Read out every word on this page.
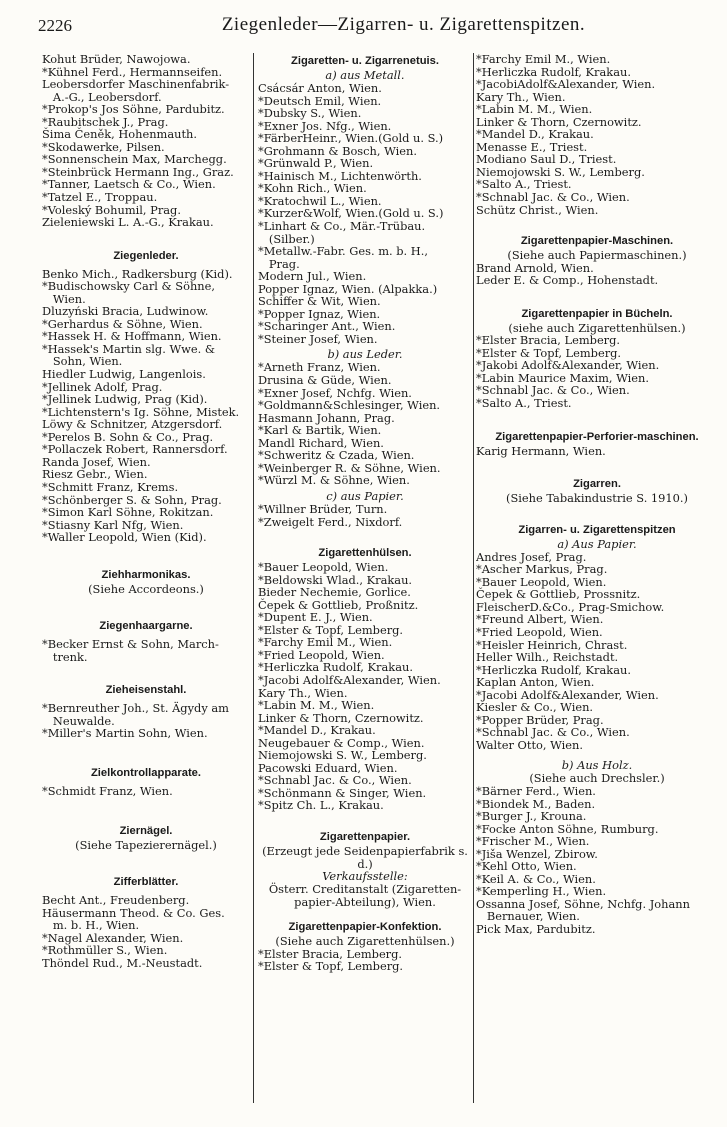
2226	Ziegenleder—Zigarren- u. Zigarettenspitzen.
Kohut Brüder, Nawojowa.
*Kühnel Ferd., Hermannseifen.
Leobersdorfer Maschinenfabrik-
A.-G., Leobersdorf.
*Prokop's Jos Söhne, Pardubitz.
*Raubitschek J., Prag.
Šima Čeněk, Hohenmauth.
*Skodawerke, Pilsen.
*Sonnenschein Max, Marchegg.
*Steinbrück Hermann Ing., Graz.
*Tanner, Laetsch & Co., Wien.
*Tatzel E., Troppau.
*Voleský Bohumil, Prag.
Zieleniewski L. A.-G., Krakau.
Ziegenleder.
Benko Mich., Radkersburg (Kid).
*Budischowsky Carl & Söhne,
Wien.
Dluzyński Bracia, Ludwinow.
*Gerhardus & Söhne, Wien.
*Hassek H. & Hoffmann, Wien.
*Hassek's Martin slg. Wwe. &
Sohn, Wien.
Hiedler Ludwig, Langenlois.
*Jellinek Adolf, Prag.
*Jellinek Ludwig, Prag (Kid).
*Lichtenstern's Ig. Söhne, Mistek.
Löwy & Schnitzer, Atzgersdorf.
*Perelos B. Sohn & Co., Prag.
*Pollaczek Robert, Rannersdorf.
Randa Josef, Wien.
Riesz Gebr., Wien.
*Schmitt Franz, Krems.
*Schönberger S. & Sohn, Prag.
*Simon Karl Söhne, Rokitzan.
*Stiasny Karl Nfg, Wien.
*Waller Leopold, Wien (Kid).
Ziehharmonikas.
(Siehe Accordeons.)
Ziegenhaargarne.
*Becker Ernst & Sohn, March-
trenk.
Zieheisenstahl.
*Bernreuther Joh., St. Ägydy am
Neuwalde.
*Miller's Martin Sohn, Wien.
Zielkontrollapparate.
*Schmidt Franz, Wien.
Ziernägel.
(Siehe Tapezierernägel.)
Zifferblätter.
Becht Ant., Freudenberg.
Häusermann Theod. & Co. Ges.
m. b. H., Wien.
*Nagel Alexander, Wien.
*Rothmüller S., Wien.
Thöndel Rud., M.-Neustadt.
Zigaretten- u. Zigarrenetuis.
a) aus Metall.
Csácsár Anton, Wien.
*Deutsch Emil, Wien.
*Dubsky S., Wien.
*Exner Jos. Nfg., Wien.
*FärberHeinr., Wien.(Gold u. S.)
*Grohmann & Bosch, Wien.
*Grünwald P., Wien.
*Hainisch M., Lichtenwörth.
*Kohn Rich., Wien.
*Kratochwil L., Wien.
*Kurzer&Wolf, Wien.(Gold u. S.)
*Linhart & Co., Mär.-Trübau.
(Silber.)
*Metallw.-Fabr. Ges. m. b. H.,
Prag.
Modern Jul., Wien.
Popper Ignaz, Wien. (Alpakka.)
Schiffer & Wit, Wien.
*Popper Ignaz, Wien.
*Scharinger Ant., Wien.
*Steiner Josef, Wien.
b) aus Leder.
*Arneth Franz, Wien.
Drusina & Güde, Wien.
*Exner Josef, Nchfg. Wien.
*Goldmann&Schlesinger, Wien.
Hasmann Johann, Prag.
*Karl & Bartik, Wien.
Mandl Richard, Wien.
*Schweritz & Czada, Wien.
*Weinberger R. & Söhne, Wien.
*Würzl M. & Söhne, Wien.
c) aus Papier.
*Willner Brüder, Turn.
*Zweigelt Ferd., Nixdorf.
Zigarettenhülsen.
*Bauer Leopold, Wien.
*Beldowski Wlad., Krakau.
Bieder Nechemie, Gorlice.
Čepek & Gottlieb, Proßnitz.
*Dupent E. J., Wien.
*Elster & Topf, Lemberg.
*Farchy Emil M., Wien.
*Fried Leopold, Wien.
*Herliczka Rudolf, Krakau.
*Jacobi Adolf&Alexander, Wien.
Kary Th., Wien.
*Labin M. M., Wien.
Linker & Thorn, Czernowitz.
*Mandel D., Krakau.
Neugebauer & Comp., Wien.
Niemojowski S. W., Lemberg.
Pacowski Eduard, Wien.
*Schnabl Jac. & Co., Wien.
*Schönmann & Singer, Wien.
*Spitz Ch. L., Krakau.
Zigarettenpapier.
(Erzeugt jede Seidenpapierfabrik s. d.)
Verkaufsstelle:
Österr. Creditanstalt (Zigaretten-papier-Abteilung), Wien.
Zigarettenpapier-Konfektion.
(Siehe auch Zigarettenhülsen.)
*Elster Bracia, Lemberg.
*Elster & Topf, Lemberg.
*Farchy Emil M., Wien.
*Herliczka Rudolf, Krakau.
*JacobiAdolf&Alexander, Wien.
Kary Th., Wien.
*Labin M. M., Wien.
Linker & Thorn, Czernowitz.
*Mandel D., Krakau.
Menasse E., Triest.
Modiano Saul D., Triest.
Niemojowski S. W., Lemberg.
*Salto A., Triest.
*Schnabl Jac. & Co., Wien.
Schütz Christ., Wien.
Zigarettenpapier-Maschinen.
(Siehe auch Papiermaschinen.)
Brand Arnold, Wien.
Leder E. & Comp., Hohenstadt.
Zigarettenpapier in Bücheln.
(siehe auch Zigarettenhülsen.)
*Elster Bracia, Lemberg.
*Elster & Topf, Lemberg.
*Jakobi Adolf&Alexander, Wien.
*Labin Maurice Maxim, Wien.
*Schnabl Jac. & Co., Wien.
*Salto A., Triest.
Zigarettenpapier-Perforier-maschinen.
Karig Hermann, Wien.
Zigarren.
(Siehe Tabakindustrie S. 1910.)
Zigarren- u. Zigarettenspitzen
a) Aus Papier.
Andres Josef, Prag.
*Ascher Markus, Prag.
*Bauer Leopold, Wien.
Čepek & Gottlieb, Prossnitz.
FleischerD.&Co., Prag-Smichow.
*Freund Albert, Wien.
*Fried Leopold, Wien.
*Heisler Heinrich, Chrast.
Heller Wilh., Reichstadt.
*Herliczka Rudolf, Krakau.
Kaplan Anton, Wien.
*Jacobi Adolf&Alexander, Wien.
Kiesler & Co., Wien.
*Popper Brüder, Prag.
*Schnabl Jac. & Co., Wien.
Walter Otto, Wien.
b) Aus Holz.
(Siehe auch Drechsler.)
*Bärner Ferd., Wien.
*Biondek M., Baden.
*Burger J., Krouna.
*Focke Anton Söhne, Rumburg.
*Frischer M., Wien.
*Jiša Wenzel, Zbirow.
*Kehl Otto, Wien.
*Keil A. & Co., Wien.
*Kemperling H., Wien.
Ossanna Josef, Söhne, Nchfg. Johann
Bernauer, Wien.
Pick Max, Pardubitz.
